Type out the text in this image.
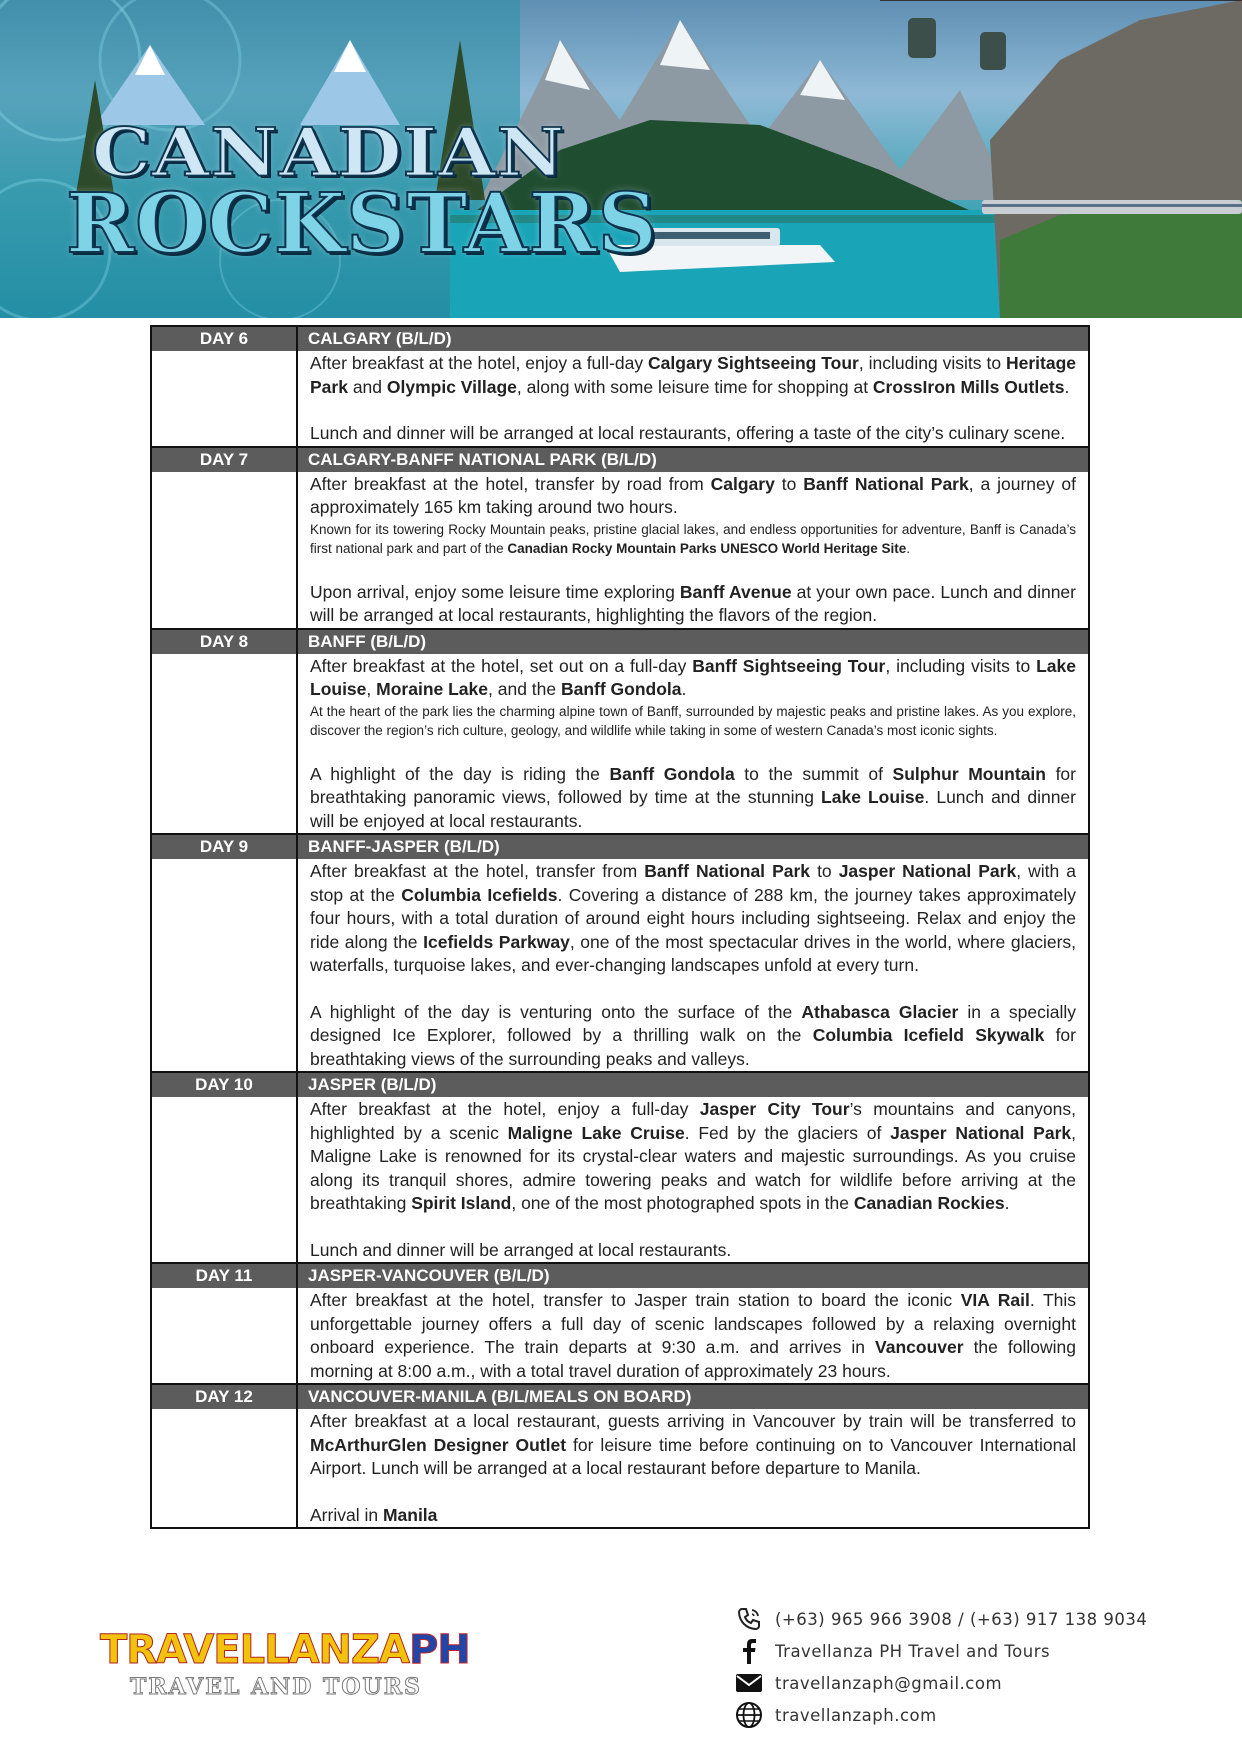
CANADIAN
ROCKSTARS
DAY 6	CALGARY (B/L/D)

After breakfast at the hotel, enjoy a full-day Calgary Sightseeing Tour, including visits to Heritage Park and Olympic Village, along with some leisure time for shopping at CrossIron Mills Outlets.

Lunch and dinner will be arranged at local restaurants, offering a taste of the city’s culinary scene.

DAY 7	CALGARY-BANFF NATIONAL PARK (B/L/D)

After breakfast at the hotel, transfer by road from Calgary to Banff National Park, a journey of approximately 165 km taking around two hours.

Known for its towering Rocky Mountain peaks, pristine glacial lakes, and endless opportunities for adventure, Banff is Canada’s first national park and part of the Canadian Rocky Mountain Parks UNESCO World Heritage Site.

Upon arrival, enjoy some leisure time exploring Banff Avenue at your own pace. Lunch and dinner will be arranged at local restaurants, highlighting the flavors of the region.

DAY 8	BANFF (B/L/D)

After breakfast at the hotel, set out on a full-day Banff Sightseeing Tour, including visits to Lake Louise, Moraine Lake, and the Banff Gondola.

At the heart of the park lies the charming alpine town of Banff, surrounded by majestic peaks and pristine lakes. As you explore, discover the region’s rich culture, geology, and wildlife while taking in some of western Canada’s most iconic sights.

A highlight of the day is riding the Banff Gondola to the summit of Sulphur Mountain for breathtaking panoramic views, followed by time at the stunning Lake Louise. Lunch and dinner will be enjoyed at local restaurants.

DAY 9	BANFF-JASPER (B/L/D)

After breakfast at the hotel, transfer from Banff National Park to Jasper National Park, with a stop at the Columbia Icefields. Covering a distance of 288 km, the journey takes approximately four hours, with a total duration of around eight hours including sightseeing. Relax and enjoy the ride along the Icefields Parkway, one of the most spectacular drives in the world, where glaciers, waterfalls, turquoise lakes, and ever-changing landscapes unfold at every turn.

A highlight of the day is venturing onto the surface of the Athabasca Glacier in a specially designed Ice Explorer, followed by a thrilling walk on the Columbia Icefield Skywalk for breathtaking views of the surrounding peaks and valleys.

DAY 10	JASPER (B/L/D)

After breakfast at the hotel, enjoy a full-day Jasper City Tour’s mountains and canyons, highlighted by a scenic Maligne Lake Cruise. Fed by the glaciers of Jasper National Park, Maligne Lake is renowned for its crystal-clear waters and majestic surroundings. As you cruise along its tranquil shores, admire towering peaks and watch for wildlife before arriving at the breathtaking Spirit Island, one of the most photographed spots in the Canadian Rockies.

Lunch and dinner will be arranged at local restaurants.

DAY 11	JASPER-VANCOUVER (B/L/D)

After breakfast at the hotel, transfer to Jasper train station to board the iconic VIA Rail. This unforgettable journey offers a full day of scenic landscapes followed by a relaxing overnight onboard experience. The train departs at 9:30 a.m. and arrives in Vancouver the following morning at 8:00 a.m., with a total travel duration of approximately 23 hours.

DAY 12	VANCOUVER-MANILA (B/L/MEALS ON BOARD)

After breakfast at a local restaurant, guests arriving in Vancouver by train will be transferred to McArthurGlen Designer Outlet for leisure time before continuing on to Vancouver International Airport. Lunch will be arranged at a local restaurant before departure to Manila.

Arrival in Manila

TRAVELLANZAPH
TRAVEL AND TOURS
(+63) 965 966 3908 / (+63) 917 138 9034
Travellanza PH Travel and Tours
travellanzaph@gmail.com
travellanzaph.com
